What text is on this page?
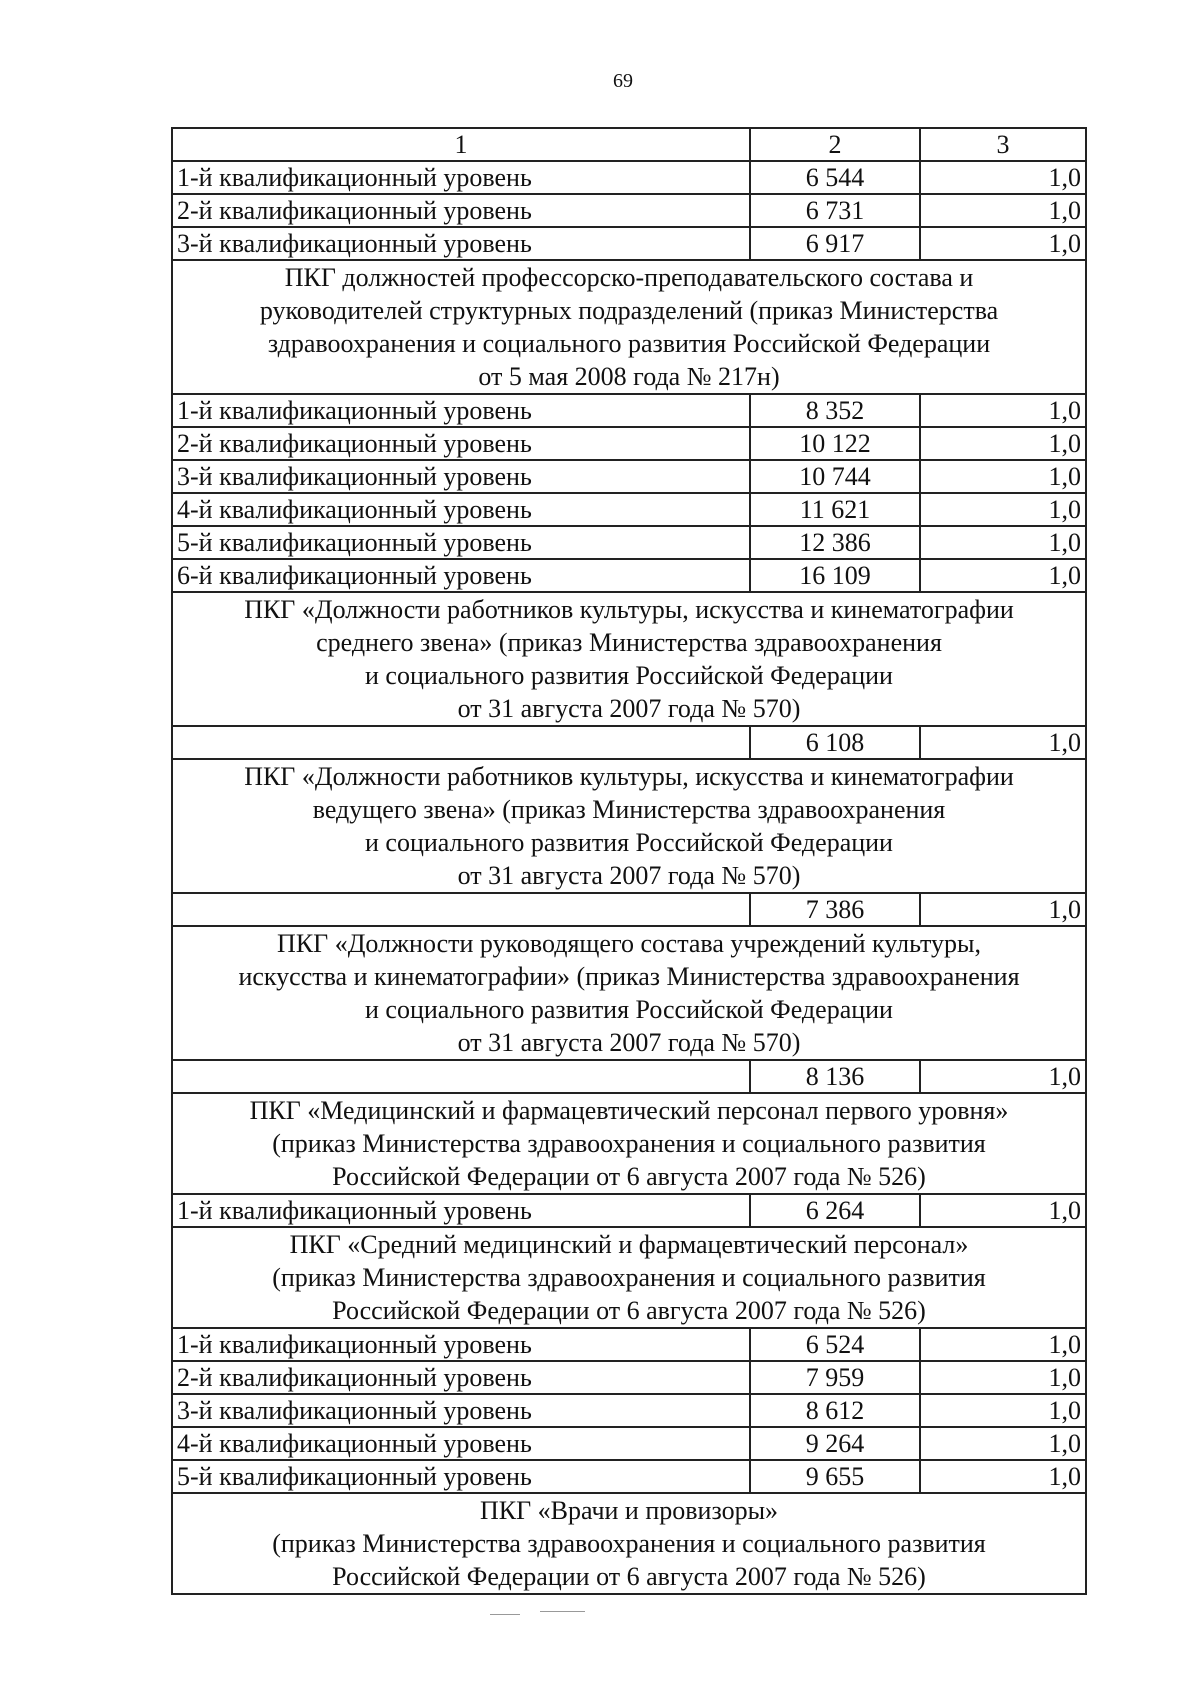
69
1	2	3
1-й квалификационный уровень	6 544	1,0
2-й квалификационный уровень	6 731	1,0
3-й квалификационный уровень	6 917	1,0

ПКГ должностей профессорско-преподавательского состава и
руководителей структурных подразделений (приказ Министерства
здравоохранения и социального развития Российской Федерации
от 5 мая 2008 года № 217н)		

1-й квалификационный уровень	8 352	1,0
2-й квалификационный уровень	10 122	1,0
3-й квалификационный уровень	10 744	1,0
4-й квалификационный уровень	11 621	1,0
5-й квалификационный уровень	12 386	1,0
6-й квалификационный уровень	16 109	1,0

ПКГ «Должности работников культуры, искусства и кинематографии
среднего звена» (приказ Министерства здравоохранения
и социального развития Российской Федерации
от 31 августа 2007 года № 570)		

	6 108	1,0

ПКГ «Должности работников культуры, искусства и кинематографии
ведущего звена» (приказ Министерства здравоохранения
и социального развития Российской Федерации
от 31 августа 2007 года № 570)		

	7 386	1,0

ПКГ «Должности руководящего состава учреждений культуры,
искусства и кинематографии» (приказ Министерства здравоохранения
и социального развития Российской Федерации
от 31 августа 2007 года № 570)		

	8 136	1,0

ПКГ «Медицинский и фармацевтический персонал первого уровня»
(приказ Министерства здравоохранения и социального развития
Российской Федерации от 6 августа 2007 года № 526)		

1-й квалификационный уровень	6 264	1,0

ПКГ «Средний медицинский и фармацевтический персонал»
(приказ Министерства здравоохранения и социального развития
Российской Федерации от 6 августа 2007 года № 526)		

1-й квалификационный уровень	6 524	1,0
2-й квалификационный уровень	7 959	1,0
3-й квалификационный уровень	8 612	1,0
4-й квалификационный уровень	9 264	1,0
5-й квалификационный уровень	9 655	1,0

ПКГ «Врачи и провизоры»
(приказ Министерства здравоохранения и социального развития
Российской Федерации от 6 августа 2007 года № 526)		
